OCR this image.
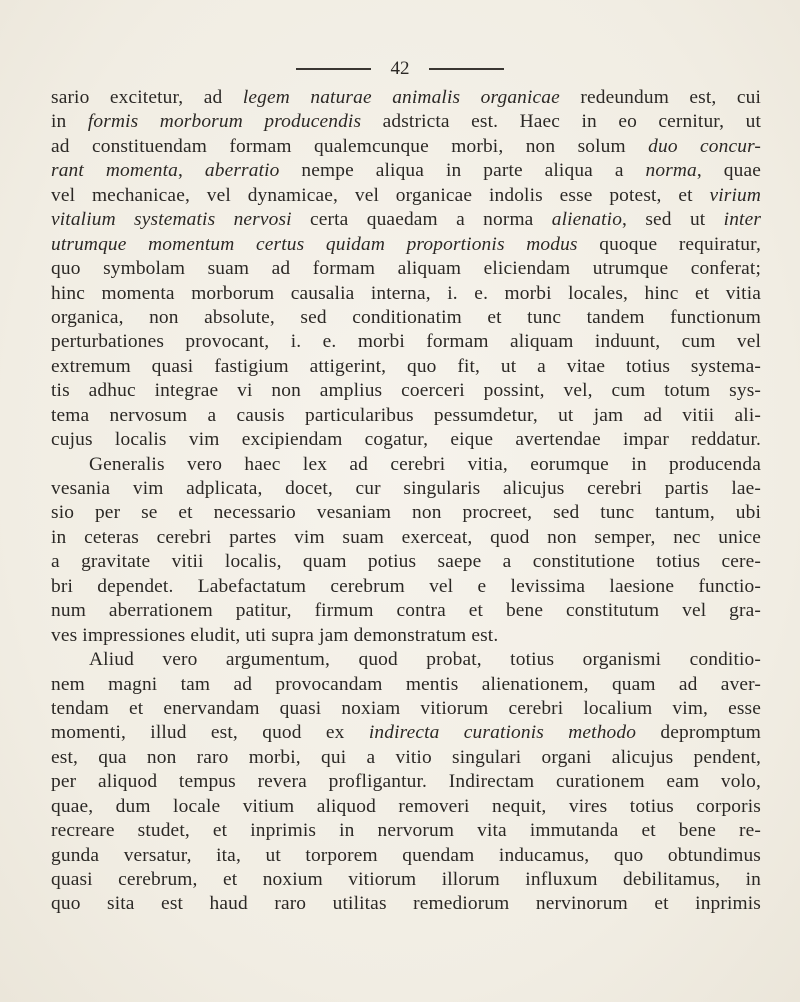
42
sario excitetur, ad legem naturae animalis organicae redeundum est, cui
in formis morborum producendis adstricta est. Haec in eo cernitur, ut
ad constituendam formam qualemcunque morbi, non solum duo concur-
rant momenta, aberratio nempe aliqua in parte aliqua a norma, quae
vel mechanicae, vel dynamicae, vel organicae indolis esse potest, et virium
vitalium systematis nervosi certa quaedam a norma alienatio, sed ut inter
utrumque momentum certus quidam proportionis modus quoque requiratur,
quo symbolam suam ad formam aliquam eliciendam utrumque conferat;
hinc momenta morborum causalia interna, i. e. morbi locales, hinc et vitia
organica, non absolute, sed conditionatim et tunc tandem functionum
perturbationes provocant, i. e. morbi formam aliquam induunt, cum vel
extremum quasi fastigium attigerint, quo fit, ut a vitae totius systema-
tis adhuc integrae vi non amplius coerceri possint, vel, cum totum sys-
tema nervosum a causis particularibus pessumdetur, ut jam ad vitii ali-
cujus localis vim excipiendam cogatur, eique avertendae impar reddatur.
Generalis vero haec lex ad cerebri vitia, eorumque in producenda
vesania vim adplicata, docet, cur singularis alicujus cerebri partis lae-
sio per se et necessario vesaniam non procreet, sed tunc tantum, ubi
in ceteras cerebri partes vim suam exerceat, quod non semper, nec unice
a gravitate vitii localis, quam potius saepe a constitutione totius cere-
bri dependet. Labefactatum cerebrum vel e levissima laesione functio-
num aberrationem patitur, firmum contra et bene constitutum vel gra-
ves impressiones eludit, uti supra jam demonstratum est.
Aliud vero argumentum, quod probat, totius organismi conditio-
nem magni tam ad provocandam mentis alienationem, quam ad aver-
tendam et enervandam quasi noxiam vitiorum cerebri localium vim, esse
momenti, illud est, quod ex indirecta curationis methodo depromptum
est, qua non raro morbi, qui a vitio singulari organi alicujus pendent,
per aliquod tempus revera profligantur. Indirectam curationem eam volo,
quae, dum locale vitium aliquod removeri nequit, vires totius corporis
recreare studet, et inprimis in nervorum vita immutanda et bene re-
gunda versatur, ita, ut torporem quendam inducamus, quo obtundimus
quasi cerebrum, et noxium vitiorum illorum influxum debilitamus, in
quo sita est haud raro utilitas remediorum nervinorum et inprimis
